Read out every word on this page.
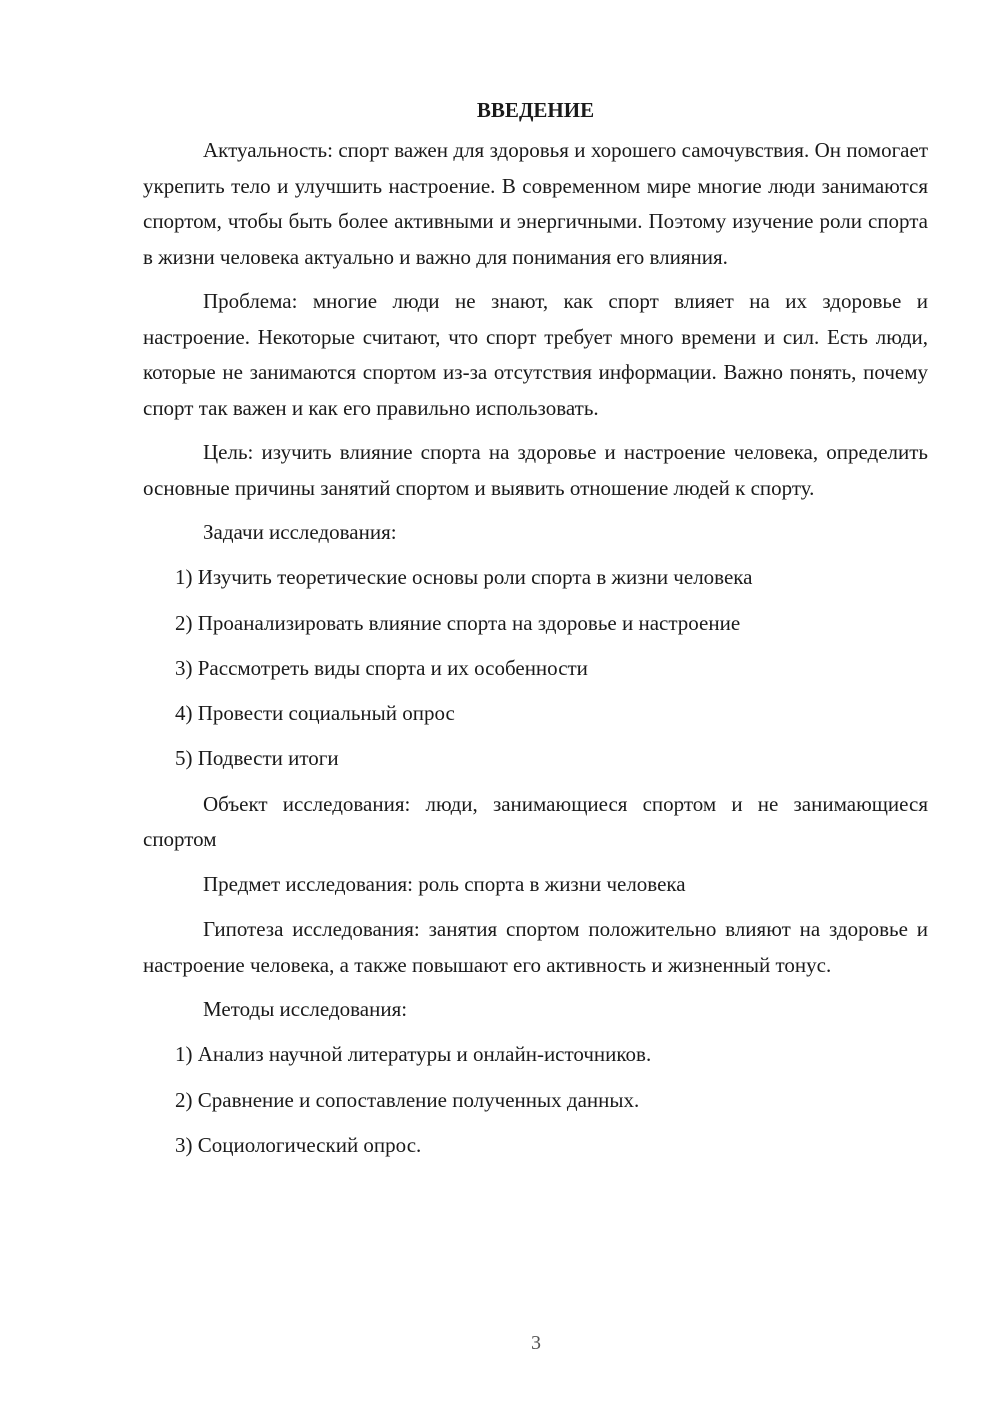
ВВЕДЕНИЕ

Актуальность: спорт важен для здоровья и хорошего самочувствия. Он помогает укрепить тело и улучшить настроение. В современном мире многие люди занимаются спортом, чтобы быть более активными и энергичными. Поэтому изучение роли спорта в жизни человека актуально и важно для понимания его влияния.

Проблема: многие люди не знают, как спорт влияет на их здоровье и настроение. Некоторые считают, что спорт требует много времени и сил. Есть люди, которые не занимаются спортом из-за отсутствия информации. Важно понять, почему спорт так важен и как его правильно использовать.

Цель: изучить влияние спорта на здоровье и настроение человека, определить основные причины занятий спортом и выявить отношение людей к спорту.

Задачи исследования:
1) Изучить теоретические основы роли спорта в жизни человека
2) Проанализировать влияние спорта на здоровье и настроение
3) Рассмотреть виды спорта и их особенности
4) Провести социальный опрос
5) Подвести итоги

Объект исследования: люди, занимающиеся спортом и не занимающиеся спортом

Предмет исследования: роль спорта в жизни человека

Гипотеза исследования: занятия спортом положительно влияют на здоровье и настроение человека, а также повышают его активность и жизненный тонус.

Методы исследования:
1) Анализ научной литературы и онлайн-источников.
2) Сравнение и сопоставление полученных данных.
3) Социологический опрос.
3
